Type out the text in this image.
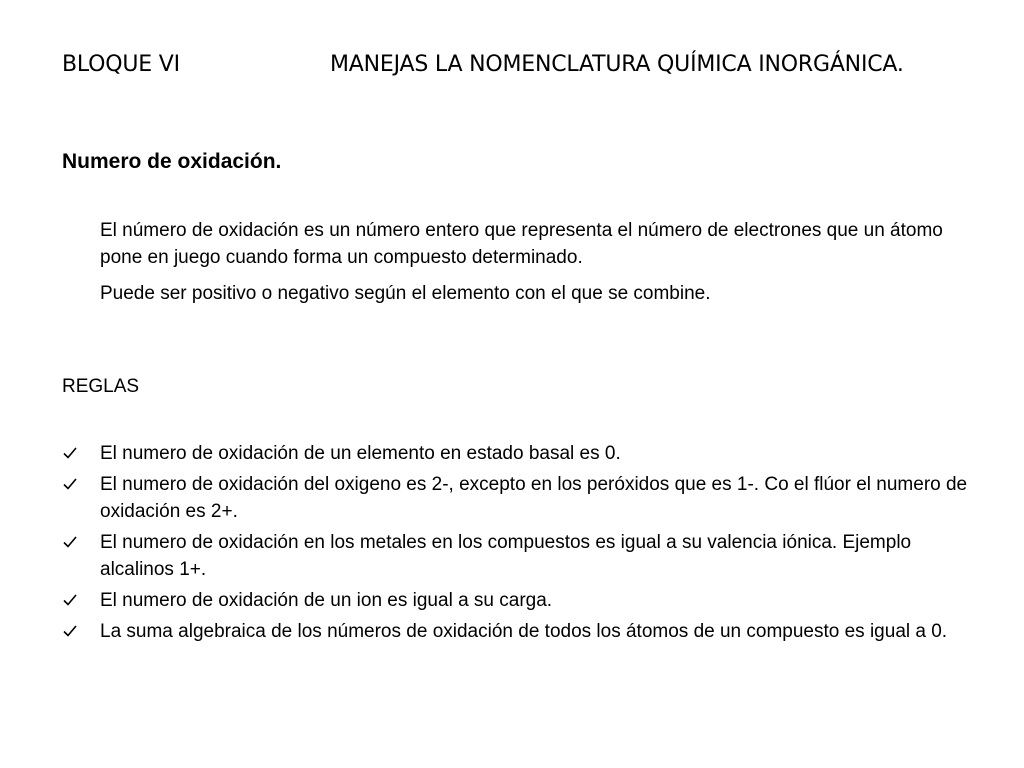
BLOQUE VI	MANEJAS LA NOMENCLATURA QUÍMICA INORGÁNICA.
Numero de oxidación.
El número de oxidación es un número entero que representa el número de electrones que un átomo pone en juego cuando forma un compuesto determinado.
Puede ser positivo o negativo según el elemento con el que se combine.
REGLAS
El numero de oxidación de un elemento en estado basal es 0.
El numero de oxidación del oxigeno es 2-, excepto en los peróxidos que es 1-. Co el flúor el numero de oxidación es 2+.
El numero de oxidación en los metales en los compuestos es igual a su valencia iónica. Ejemplo alcalinos 1+.
El numero de oxidación de un ion es igual a su carga.
La suma algebraica de los números de oxidación de todos los átomos de un compuesto es igual a 0.
